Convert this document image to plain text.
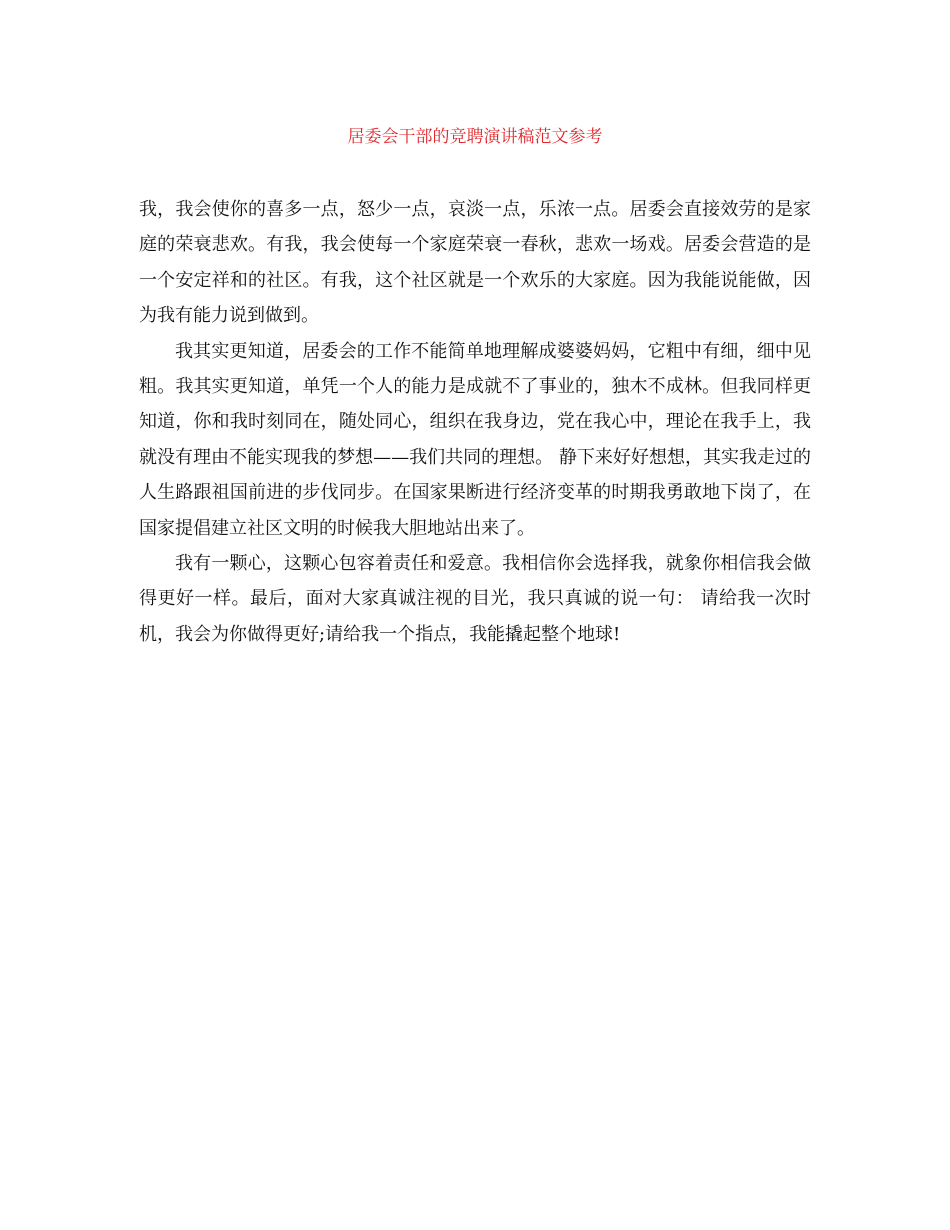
居委会干部的竞聘演讲稿范文参考

我，我会使你的喜多一点，怒少一点，哀淡一点，乐浓一点。居委会直接效劳的是家庭的荣衰悲欢。有我，我会使每一个家庭荣衰一春秋，悲欢一场戏。居委会营造的是一个安定祥和的社区。有我，这个社区就是一个欢乐的大家庭。因为我能说能做，因为我有能力说到做到。

我其实更知道，居委会的工作不能简单地理解成婆婆妈妈，它粗中有细，细中见粗。我其实更知道，单凭一个人的能力是成就不了事业的，独木不成林。但我同样更知道，你和我时刻同在，随处同心，组织在我身边，党在我心中，理论在我手上，我就没有理由不能实现我的梦想——我们共同的理想。 静下来好好想想，其实我走过的人生路跟祖国前进的步伐同步。在国家果断进行经济变革的时期我勇敢地下岗了，在国家提倡建立社区文明的时候我大胆地站出来了。

我有一颗心，这颗心包容着责任和爱意。我相信你会选择我，就象你相信我会做得更好一样。最后，面对大家真诚注视的目光，我只真诚的说一句： 请给我一次时机，我会为你做得更好;请给我一个指点，我能撬起整个地球!
